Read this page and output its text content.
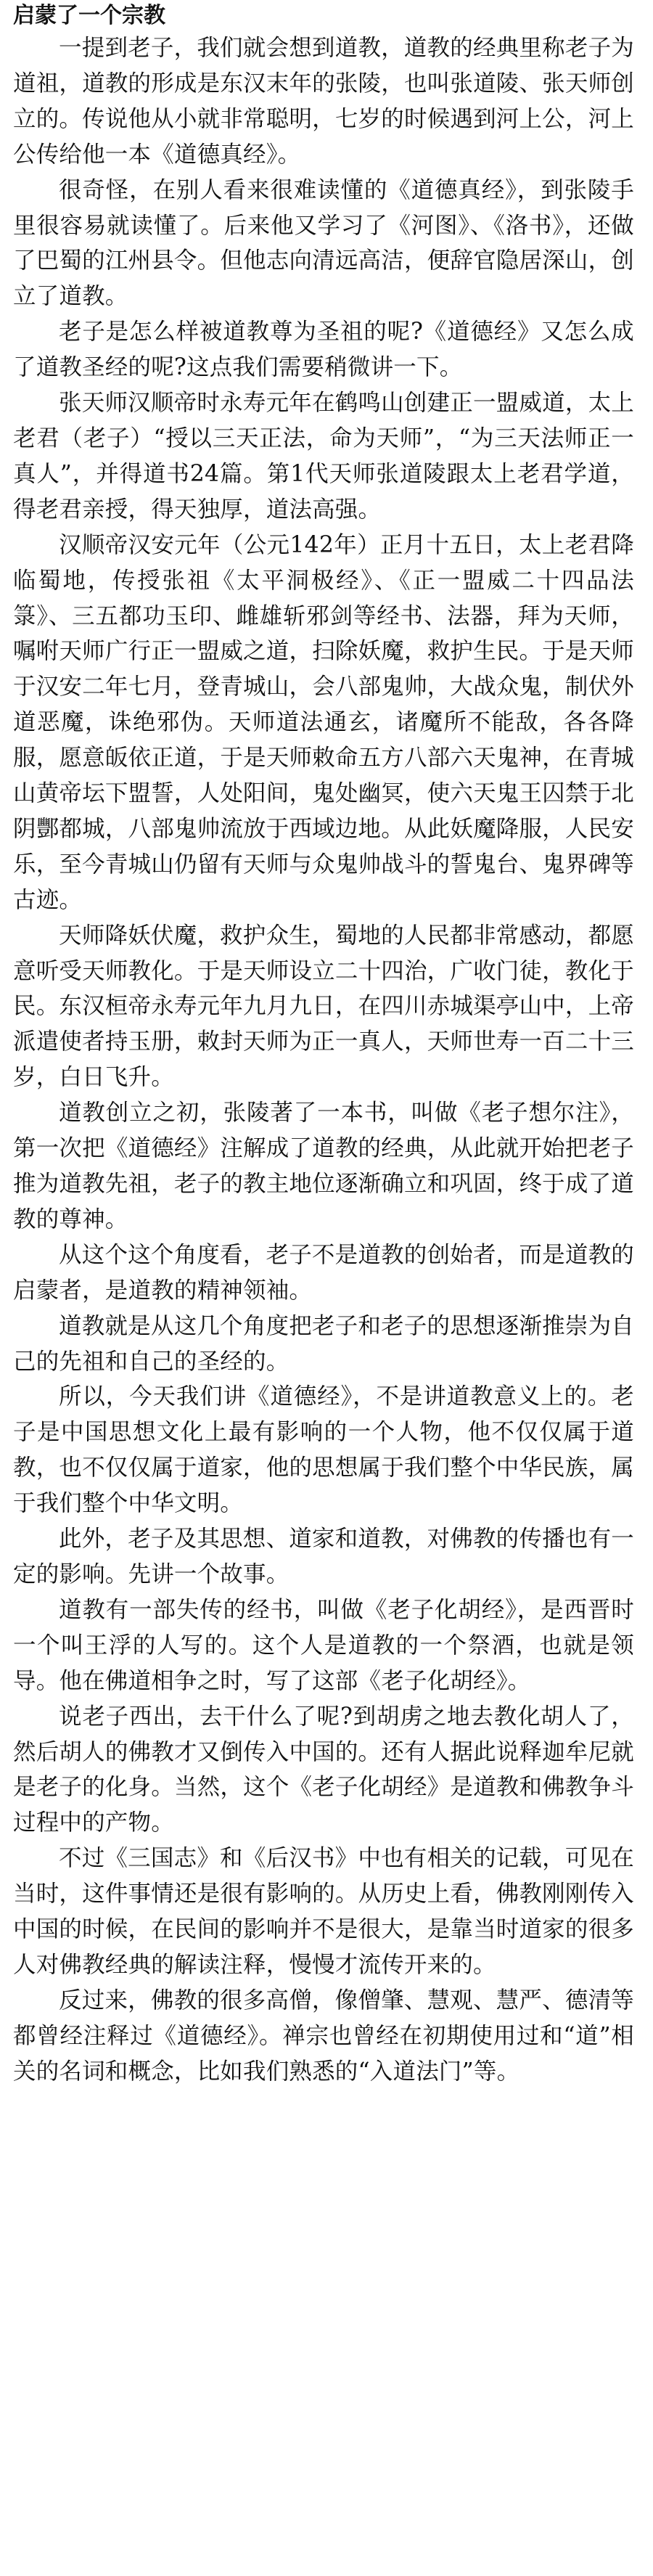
启蒙了一个宗教

一提到老子，我们就会想到道教，道教的经典里称老子为道祖，道教的形成是东汉末年的张陵，也叫张道陵、张天师创立的。传说他从小就非常聪明，七岁的时候遇到河上公，河上公传给他一本《道德真经》。

很奇怪，在别人看来很难读懂的《道德真经》，到张陵手里很容易就读懂了。后来他又学习了《河图》、《洛书》，还做了巴蜀的江州县令。但他志向清远高洁，便辞官隐居深山，创立了道教。

老子是怎么样被道教尊为圣祖的呢?《道德经》又怎么成了道教圣经的呢?这点我们需要稍微讲一下。

张天师汉顺帝时永寿元年在鹤鸣山创建正一盟威道，太上老君（老子）“授以三天正法，命为天师”，“为三天法师正一真人”，并得道书24篇。第1代天师张道陵跟太上老君学道，得老君亲授，得天独厚，道法高强。

汉顺帝汉安元年（公元142年）正月十五日，太上老君降临蜀地，传授张祖《太平洞极经》、《正一盟威二十四品法箓》、三五都功玉印、雌雄斩邪剑等经书、法器，拜为天师，嘱咐天师广行正一盟威之道，扫除妖魔，救护生民。于是天师于汉安二年七月，登青城山，会八部鬼帅，大战众鬼，制伏外道恶魔，诛绝邪伪。天师道法通玄，诸魔所不能敌，各各降服，愿意皈依正道，于是天师敕命五方八部六天鬼神，在青城山黄帝坛下盟誓，人处阳间，鬼处幽冥，使六天鬼王囚禁于北阴酆都城，八部鬼帅流放于西域边地。从此妖魔降服，人民安乐，至今青城山仍留有天师与众鬼帅战斗的誓鬼台、鬼界碑等古迹。

天师降妖伏魔，救护众生，蜀地的人民都非常感动，都愿意听受天师教化。于是天师设立二十四治，广收门徒，教化于民。东汉桓帝永寿元年九月九日，在四川赤城渠亭山中，上帝派遣使者持玉册，敕封天师为正一真人，天师世寿一百二十三岁，白日飞升。

道教创立之初，张陵著了一本书，叫做《老子想尔注》，第一次把《道德经》注解成了道教的经典，从此就开始把老子推为道教先祖，老子的教主地位逐渐确立和巩固，终于成了道教的尊神。

从这个这个角度看，老子不是道教的创始者，而是道教的启蒙者，是道教的精神领袖。

道教就是从这几个角度把老子和老子的思想逐渐推崇为自己的先祖和自己的圣经的。

所以，今天我们讲《道德经》，不是讲道教意义上的。老子是中国思想文化上最有影响的一个人物，他不仅仅属于道教，也不仅仅属于道家，他的思想属于我们整个中华民族，属于我们整个中华文明。

此外，老子及其思想、道家和道教，对佛教的传播也有一定的影响。先讲一个故事。

道教有一部失传的经书，叫做《老子化胡经》，是西晋时一个叫王浮的人写的。这个人是道教的一个祭酒，也就是领导。他在佛道相争之时，写了这部《老子化胡经》。

说老子西出，去干什么了呢?到胡虏之地去教化胡人了，然后胡人的佛教才又倒传入中国的。还有人据此说释迦牟尼就是老子的化身。当然，这个《老子化胡经》是道教和佛教争斗过程中的产物。

不过《三国志》和《后汉书》中也有相关的记载，可见在当时，这件事情还是很有影响的。从历史上看，佛教刚刚传入中国的时候，在民间的影响并不是很大，是靠当时道家的很多人对佛教经典的解读注释，慢慢才流传开来的。

反过来，佛教的很多高僧，像僧肇、慧观、慧严、德清等都曾经注释过《道德经》。禅宗也曾经在初期使用过和“道”相关的名词和概念，比如我们熟悉的“入道法门”等。
